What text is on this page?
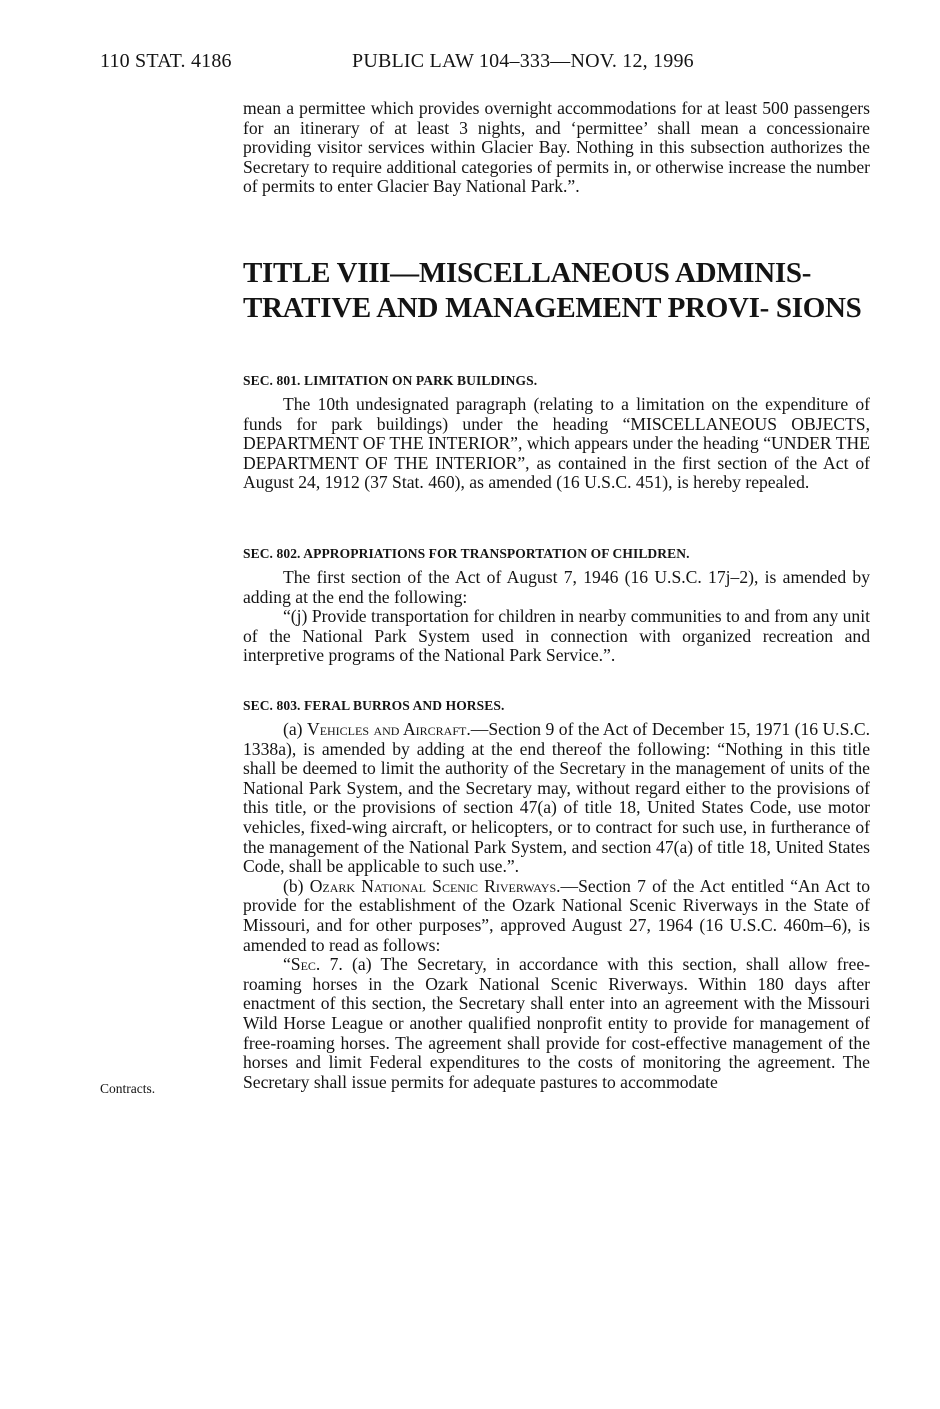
110 STAT. 4186	PUBLIC LAW 104–333—NOV. 12, 1996

mean a permittee which provides overnight accommodations for at least 500 passengers for an itinerary of at least 3 nights, and ‘permittee’ shall mean a concessionaire providing visitor services within Glacier Bay. Nothing in this subsection authorizes the Secretary to require additional categories of permits in, or otherwise increase the number of permits to enter Glacier Bay National Park.”.

TITLE VIII—MISCELLANEOUS ADMINIS- TRATIVE AND MANAGEMENT PROVI- SIONS

SEC. 801. LIMITATION ON PARK BUILDINGS.

The 10th undesignated paragraph (relating to a limitation on the expenditure of funds for park buildings) under the heading “MISCELLANEOUS OBJECTS, DEPARTMENT OF THE INTERIOR”, which appears under the heading “UNDER THE DEPARTMENT OF THE INTERIOR”, as contained in the first section of the Act of August 24, 1912 (37 Stat. 460), as amended (16 U.S.C. 451), is hereby repealed.

SEC. 802. APPROPRIATIONS FOR TRANSPORTATION OF CHILDREN.

The first section of the Act of August 7, 1946 (16 U.S.C. 17j–2), is amended by adding at the end the following:

“(j) Provide transportation for children in nearby communities to and from any unit of the National Park System used in connection with organized recreation and interpretive programs of the National Park Service.”.

SEC. 803. FERAL BURROS AND HORSES.

(a) Vehicles and Aircraft.—Section 9 of the Act of December 15, 1971 (16 U.S.C. 1338a), is amended by adding at the end thereof the following: “Nothing in this title shall be deemed to limit the authority of the Secretary in the management of units of the National Park System, and the Secretary may, without regard either to the provisions of this title, or the provisions of section 47(a) of title 18, United States Code, use motor vehicles, fixed-wing aircraft, or helicopters, or to contract for such use, in furtherance of the management of the National Park System, and section 47(a) of title 18, United States Code, shall be applicable to such use.”.

(b) Ozark National Scenic Riverways.—Section 7 of the Act entitled “An Act to provide for the establishment of the Ozark National Scenic Riverways in the State of Missouri, and for other purposes”, approved August 27, 1964 (16 U.S.C. 460m–6), is amended to read as follows:

“Sec. 7. (a) The Secretary, in accordance with this section, shall allow free-roaming horses in the Ozark National Scenic Riverways. Within 180 days after enactment of this section, the Secretary shall enter into an agreement with the Missouri Wild Horse League or another qualified nonprofit entity to provide for management of free-roaming horses. The agreement shall provide for cost-effective management of the horses and limit Federal expenditures to the costs of monitoring the agreement. The Secretary shall issue permits for adequate pastures to accommodate

Contracts.
